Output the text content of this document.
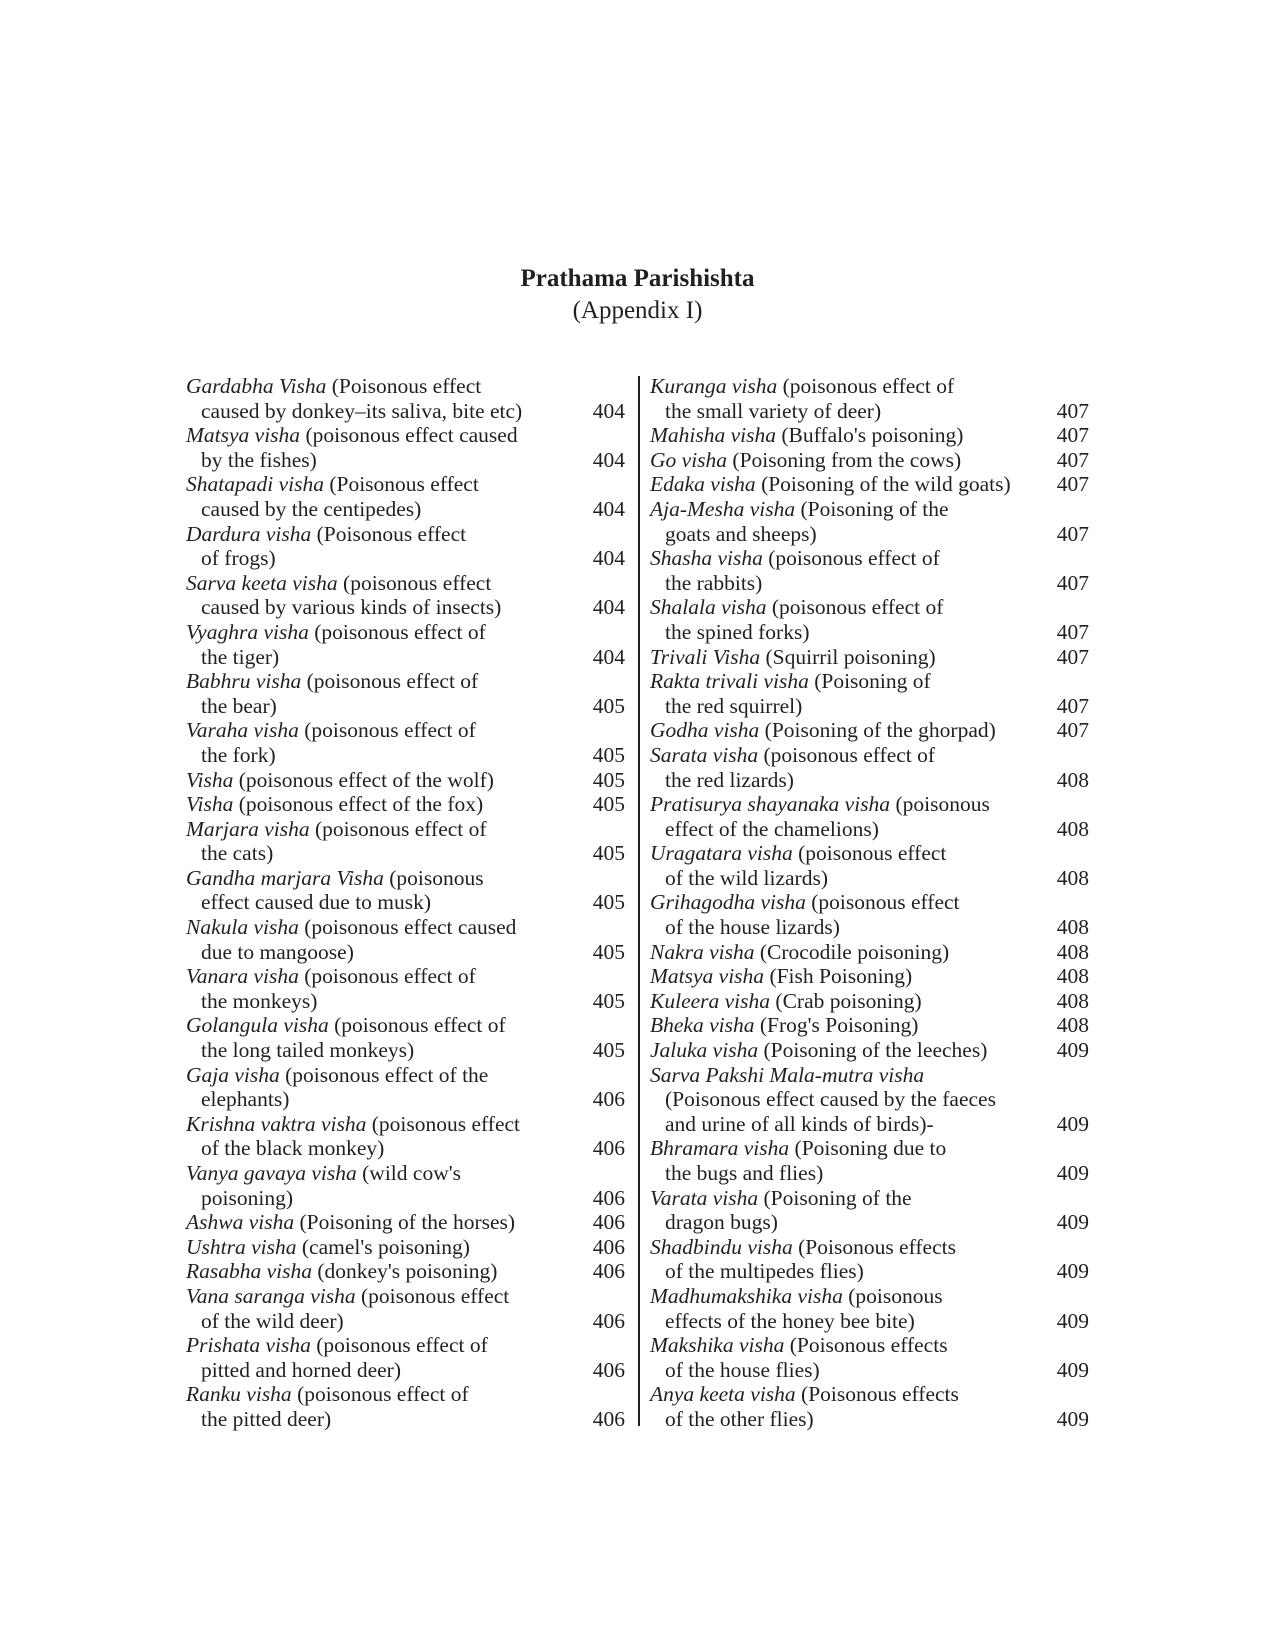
Prathama Parishishta
(Appendix I)
Gardabha Visha (Poisonous effect
caused by donkey–its saliva, bite etc)	404
Matsya visha (poisonous effect caused
by the fishes)	404
Shatapadi visha (Poisonous effect
caused by the centipedes)	404
Dardura visha (Poisonous effect
of frogs)	404
Sarva keeta visha (poisonous effect
caused by various kinds of insects)	404
Vyaghra visha (poisonous effect of
the tiger)	404
Babhru visha (poisonous effect of
the bear)	405
Varaha visha (poisonous effect of
the fork)	405
Visha (poisonous effect of the wolf)	405
Visha (poisonous effect of the fox)	405
Marjara visha (poisonous effect of
the cats)	405
Gandha marjara Visha (poisonous
effect caused due to musk)	405
Nakula visha (poisonous effect caused
due to mangoose)	405
Vanara visha (poisonous effect of
the monkeys)	405
Golangula visha (poisonous effect of
the long tailed monkeys)	405
Gaja visha (poisonous effect of the
elephants)	406
Krishna vaktra visha (poisonous effect
of the black monkey)	406
Vanya gavaya visha (wild cow's
poisoning)	406
Ashwa visha (Poisoning of the horses)	406
Ushtra visha (camel's poisoning)	406
Rasabha visha (donkey's poisoning)	406
Vana saranga visha (poisonous effect
of the wild deer)	406
Prishata visha (poisonous effect of
pitted and horned deer)	406
Ranku visha (poisonous effect of
the pitted deer)	406
Kuranga visha (poisonous effect of
the small variety of deer)	407
Mahisha visha (Buffalo's poisoning)	407
Go visha (Poisoning from the cows)	407
Edaka visha (Poisoning of the wild goats)	407
Aja-Mesha visha (Poisoning of the
goats and sheeps)	407
Shasha visha (poisonous effect of
the rabbits)	407
Shalala visha (poisonous effect of
the spined forks)	407
Trivali Visha (Squirril poisoning)	407
Rakta trivali visha (Poisoning of
the red squirrel)	407
Godha visha (Poisoning of the ghorpad)	407
Sarata visha (poisonous effect of
the red lizards)	408
Pratisurya shayanaka visha (poisonous
effect of the chamelions)	408
Uragatara visha (poisonous effect
of the wild lizards)	408
Grihagodha visha (poisonous effect
of the house lizards)	408
Nakra visha (Crocodile poisoning)	408
Matsya visha (Fish Poisoning)	408
Kuleera visha (Crab poisoning)	408
Bheka visha (Frog's Poisoning)	408
Jaluka visha (Poisoning of the leeches)	409
Sarva Pakshi Mala-mutra visha
(Poisonous effect caused by the faeces
and urine of all kinds of birds)-	409
Bhramara visha (Poisoning due to
the bugs and flies)	409
Varata visha (Poisoning of the
dragon bugs)	409
Shadbindu visha (Poisonous effects
of the multipedes flies)	409
Madhumakshika visha (poisonous
effects of the honey bee bite)	409
Makshika visha (Poisonous effects
of the house flies)	409
Anya keeta visha (Poisonous effects
of the other flies)	409
